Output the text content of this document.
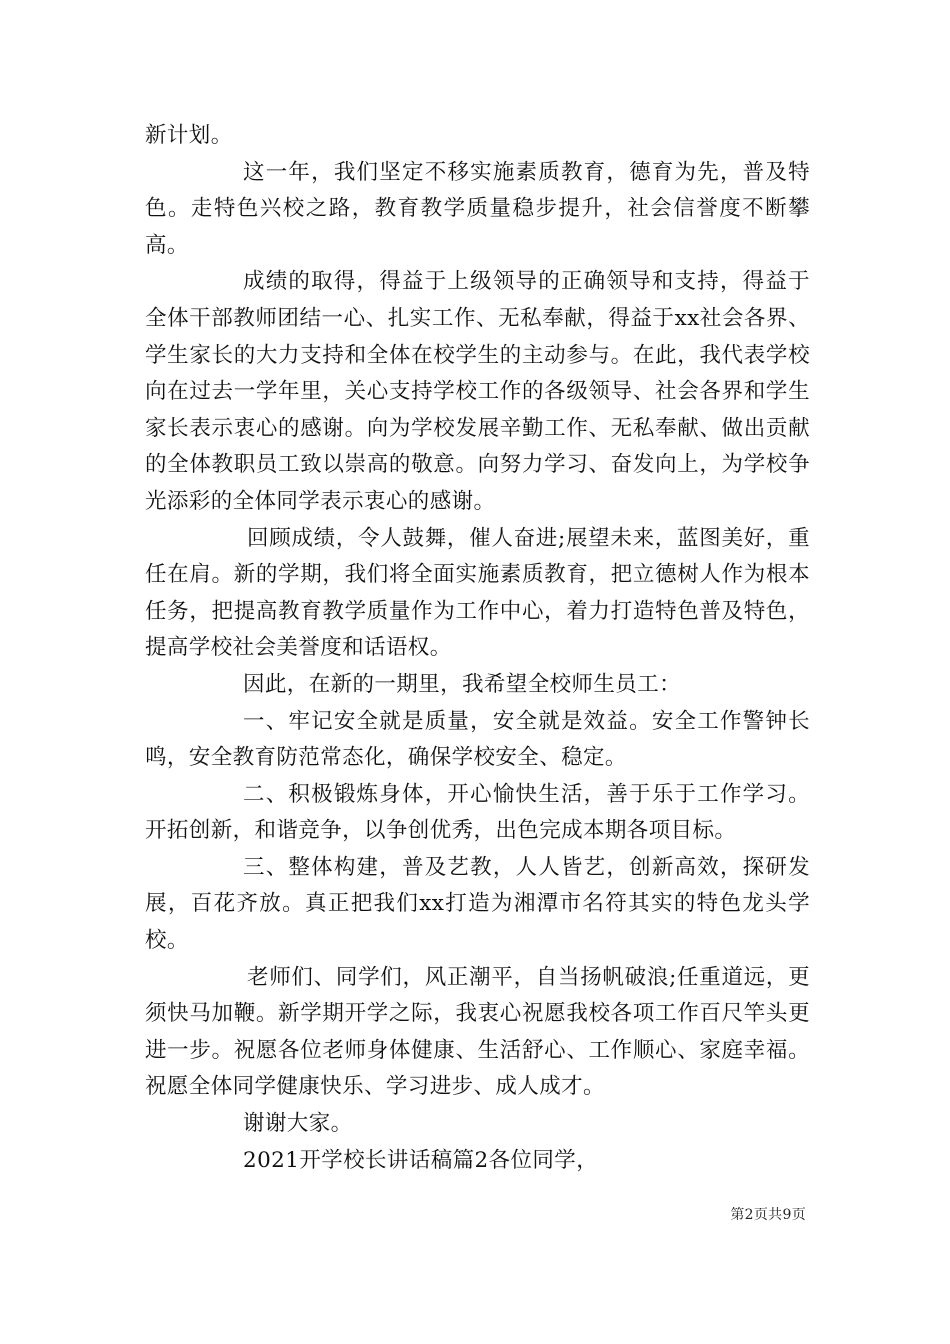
新计划。

这一年，我们坚定不移实施素质教育，德育为先，普及特色。走特色兴校之路，教育教学质量稳步提升，社会信誉度不断攀高。

成绩的取得，得益于上级领导的正确领导和支持，得益于全体干部教师团结一心、扎实工作、无私奉献，得益于xx社会各界、学生家长的大力支持和全体在校学生的主动参与。在此，我代表学校向在过去一学年里，关心支持学校工作的各级领导、社会各界和学生家长表示衷心的感谢。向为学校发展辛勤工作、无私奉献、做出贡献的全体教职员工致以崇高的敬意。向努力学习、奋发向上，为学校争光添彩的全体同学表示衷心的感谢。

回顾成绩，令人鼓舞，催人奋进;展望未来，蓝图美好，重任在肩。新的学期，我们将全面实施素质教育，把立德树人作为根本任务，把提高教育教学质量作为工作中心，着力打造特色普及特色，提高学校社会美誉度和话语权。

因此，在新的一期里，我希望全校师生员工：

一、牢记安全就是质量，安全就是效益。安全工作警钟长鸣，安全教育防范常态化，确保学校安全、稳定。

二、积极锻炼身体，开心愉快生活，善于乐于工作学习。开拓创新，和谐竞争，以争创优秀，出色完成本期各项目标。

三、整体构建，普及艺教，人人皆艺，创新高效，探研发展，百花齐放。真正把我们xx打造为湘潭市名符其实的特色龙头学校。

老师们、同学们，风正潮平，自当扬帆破浪;任重道远，更须快马加鞭。新学期开学之际，我衷心祝愿我校各项工作百尺竿头更进一步。祝愿各位老师身体健康、生活舒心、工作顺心、家庭幸福。祝愿全体同学健康快乐、学习进步、成人成才。

谢谢大家。

2021开学校长讲话稿篇2各位同学，

第2页共9页
